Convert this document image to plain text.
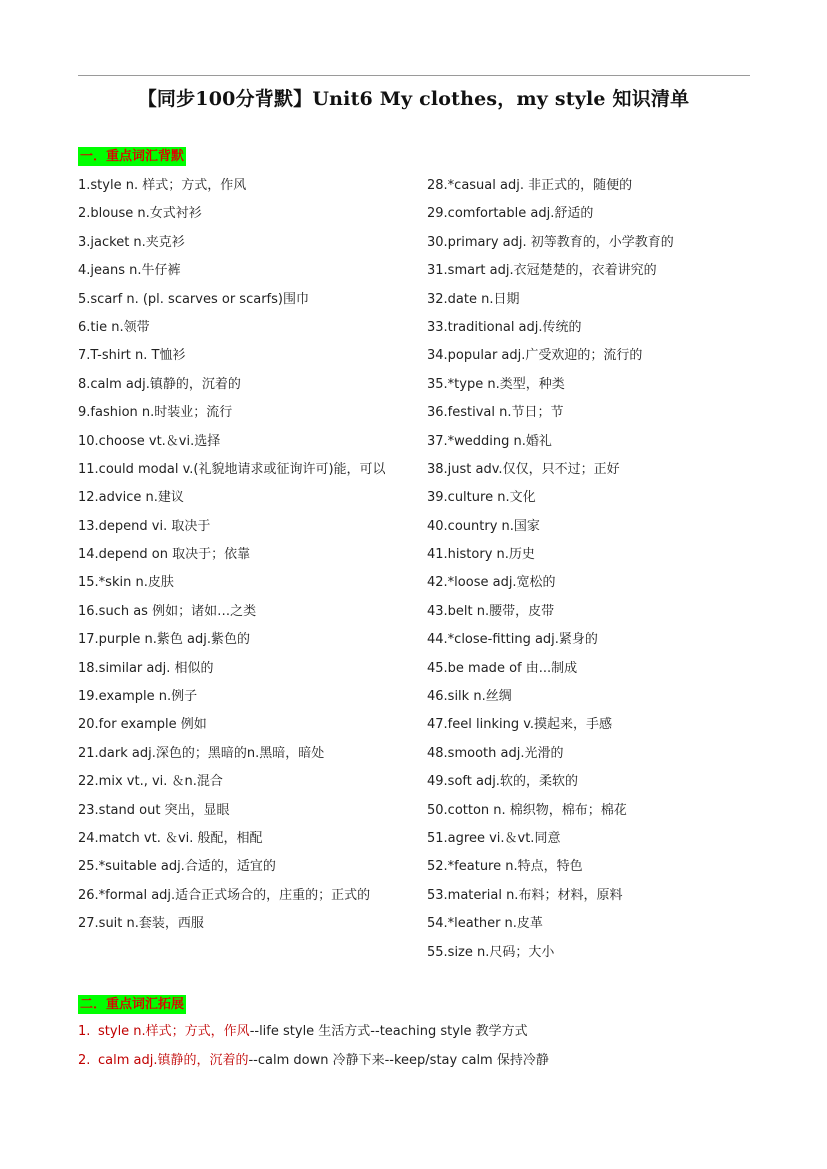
【同步100分背默】Unit6 My clothes，my style 知识清单
一．重点词汇背默
1.style n. 样式；方式，作风
2.blouse n.女式衬衫
3.jacket n.夹克衫
4.jeans n.牛仔裤
5.scarf n. (pl. scarves or scarfs)围巾
6.tie n.领带
7.T-shirt n. T恤衫
8.calm adj.镇静的，沉着的
9.fashion n.时装业；流行
10.choose vt.＆vi.选择
11.could modal v.(礼貌地请求或征询许可)能，可以
12.advice n.建议
13.depend vi. 取决于
14.depend on 取决于；依靠
15.*skin n.皮肤
16.such as 例如；诸如…之类
17.purple n.紫色 adj.紫色的
18.similar adj. 相似的
19.example n.例子
20.for example 例如
21.dark adj.深色的；黑暗的n.黑暗，暗处
22.mix vt., vi. ＆n.混合
23.stand out 突出，显眼
24.match vt. ＆vi. 般配，相配
25.*suitable adj.合适的，适宜的
26.*formal adj.适合正式场合的，庄重的；正式的
27.suit n.套装，西服
28.*casual adj. 非正式的，随便的
29.comfortable adj.舒适的
30.primary adj. 初等教育的，小学教育的
31.smart adj.衣冠楚楚的，衣着讲究的
32.date n.日期
33.traditional adj.传统的
34.popular adj.广受欢迎的；流行的
35.*type n.类型，种类
36.festival n.节日；节
37.*wedding n.婚礼
38.just adv.仅仅，只不过；正好
39.culture n.文化
40.country n.国家
41.history n.历史
42.*loose adj.宽松的
43.belt n.腰带，皮带
44.*close-fitting adj.紧身的
45.be made of 由...制成
46.silk n.丝绸
47.feel linking v.摸起来，手感
48.smooth adj.光滑的
49.soft adj.软的，柔软的
50.cotton n. 棉织物，棉布；棉花
51.agree vi.＆vt.同意
52.*feature n.特点，特色
53.material n.布料；材料，原料
54.*leather n.皮革
55.size n.尺码；大小
二．重点词汇拓展
1. style n.样式；方式，作风--life style 生活方式--teaching style 教学方式
2. calm adj.镇静的，沉着的--calm down 冷静下来--keep/stay calm 保持冷静
